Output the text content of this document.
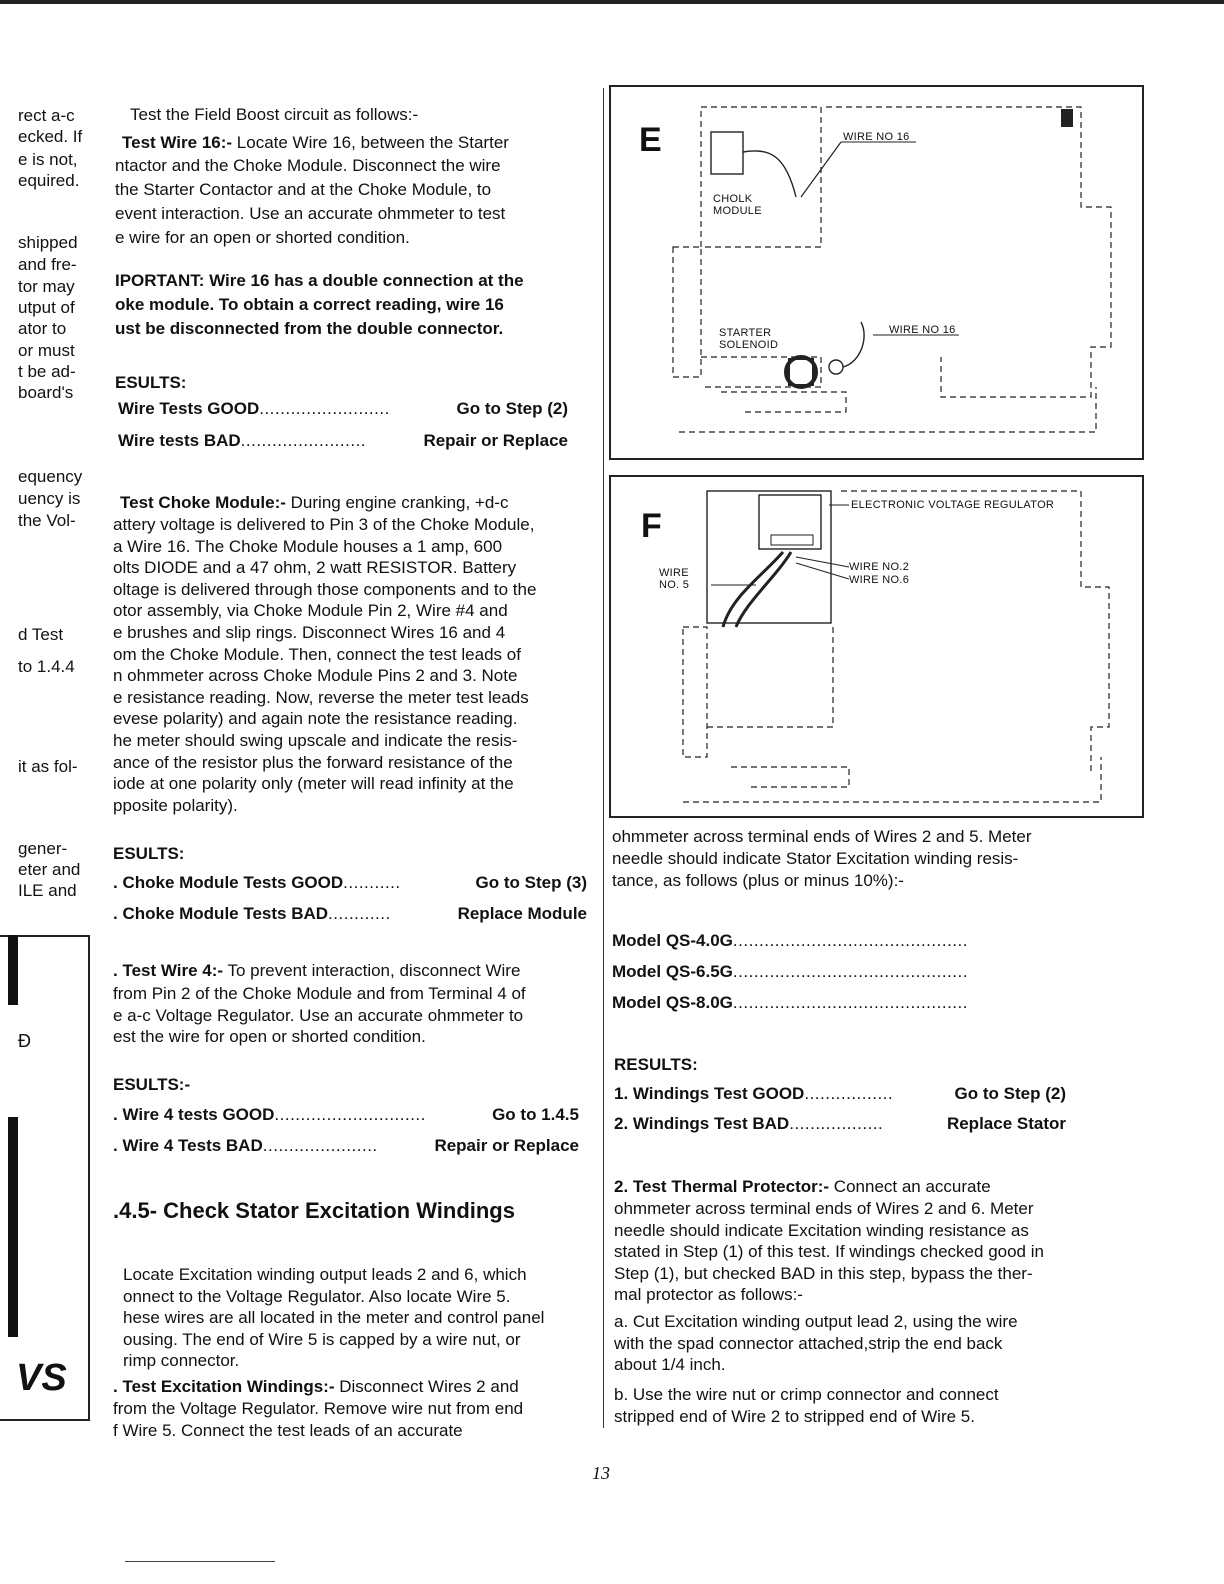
rect a-c
ecked. If
e is not,
equired.
shipped
and fre-
tor may
utput of
ator to
or must
t be ad-
board's
equency
uency is
the Vol-
d Test
to 1.4.4
it as fol-
gener-
eter and
ILE and
Ð
VS
Test the Field Boost circuit as follows:-
Test Wire 16:- Locate Wire 16, between the Starter
ntactor and the Choke Module. Disconnect the wire
the Starter Contactor and at the Choke Module, to
event interaction. Use an accurate ohmmeter to test
e wire for an open or shorted condition.
IPORTANT: Wire 16 has a double connection at the
oke module. To obtain a correct reading, wire 16
ust be disconnected from the double connector.
ESULTS:
Wire Tests GOOD .........................	Go to Step (2)
Wire tests BAD ........................	Repair or Replace
Test Choke Module:- During engine cranking, +d-c
attery voltage is delivered to Pin 3 of the Choke Module,
a Wire 16. The Choke Module houses a 1 amp, 600
olts DIODE and a 47 ohm, 2 watt RESISTOR. Battery
oltage is delivered through those components and to the
otor assembly, via Choke Module Pin 2, Wire #4 and
e brushes and slip rings. Disconnect Wires 16 and 4
om the Choke Module. Then, connect the test leads of
n ohmmeter across Choke Module Pins 2 and 3. Note
e resistance reading. Now, reverse the meter test leads
evese polarity) and again note the resistance reading.
he meter should swing upscale and indicate the resis-
ance of the resistor plus the forward resistance of the
iode at one polarity only (meter will read infinity at the
pposite polarity).
ESULTS:
. Choke Module Tests GOOD ...........	Go to Step (3)
. Choke Module Tests BAD ............	Replace Module
. Test Wire 4:- To prevent interaction, disconnect Wire
from Pin 2 of the Choke Module and from Terminal 4 of
e a-c Voltage Regulator. Use an accurate ohmmeter to
est the wire for open or shorted condition.
ESULTS:-
. Wire 4 tests GOOD .............................	Go to 1.4.5
. Wire 4 Tests BAD ......................	Repair or Replace
.4.5- Check Stator Excitation Windings
Locate Excitation winding output leads 2 and 6, which
onnect to the Voltage Regulator. Also locate Wire 5.
hese wires are all located in the meter and control panel
ousing. The end of Wire 5 is capped by a wire nut, or
rimp connector.
. Test Excitation Windings:- Disconnect Wires 2 and
from the Voltage Regulator. Remove wire nut from end
f Wire 5. Connect the test leads of an accurate
E	WIRE NO 16
CHOLK
MODULE
STARTER
SOLENOID
WIRE NO 16
F
ELECTRONIC VOLTAGE REGULATOR
WIRE NO.2
WIRE NO.6
WIRE
NO. 5
ohmmeter across terminal ends of Wires 2 and 5. Meter
needle should indicate Stator Excitation winding resis-
tance, as follows (plus or minus 10%):-
Model QS-4.0G .............................................
Model QS-6.5G .............................................
Model QS-8.0G .............................................
RESULTS:
1. Windings Test GOOD .................	Go to Step (2)
2. Windings Test BAD ..................	Replace Stator
2. Test Thermal Protector:- Connect an accurate
ohmmeter across terminal ends of Wires 2 and 6. Meter
needle should indicate Excitation winding resistance as
stated in Step (1) of this test. If windings checked good in
Step (1), but checked BAD in this step, bypass the ther-
mal protector as follows:-
a. Cut Excitation winding output lead 2, using the wire
with the spad connector attached,strip the end back
about 1/4 inch.
b. Use the wire nut or crimp connector and connect
stripped end of Wire 2 to stripped end of Wire 5.
13
